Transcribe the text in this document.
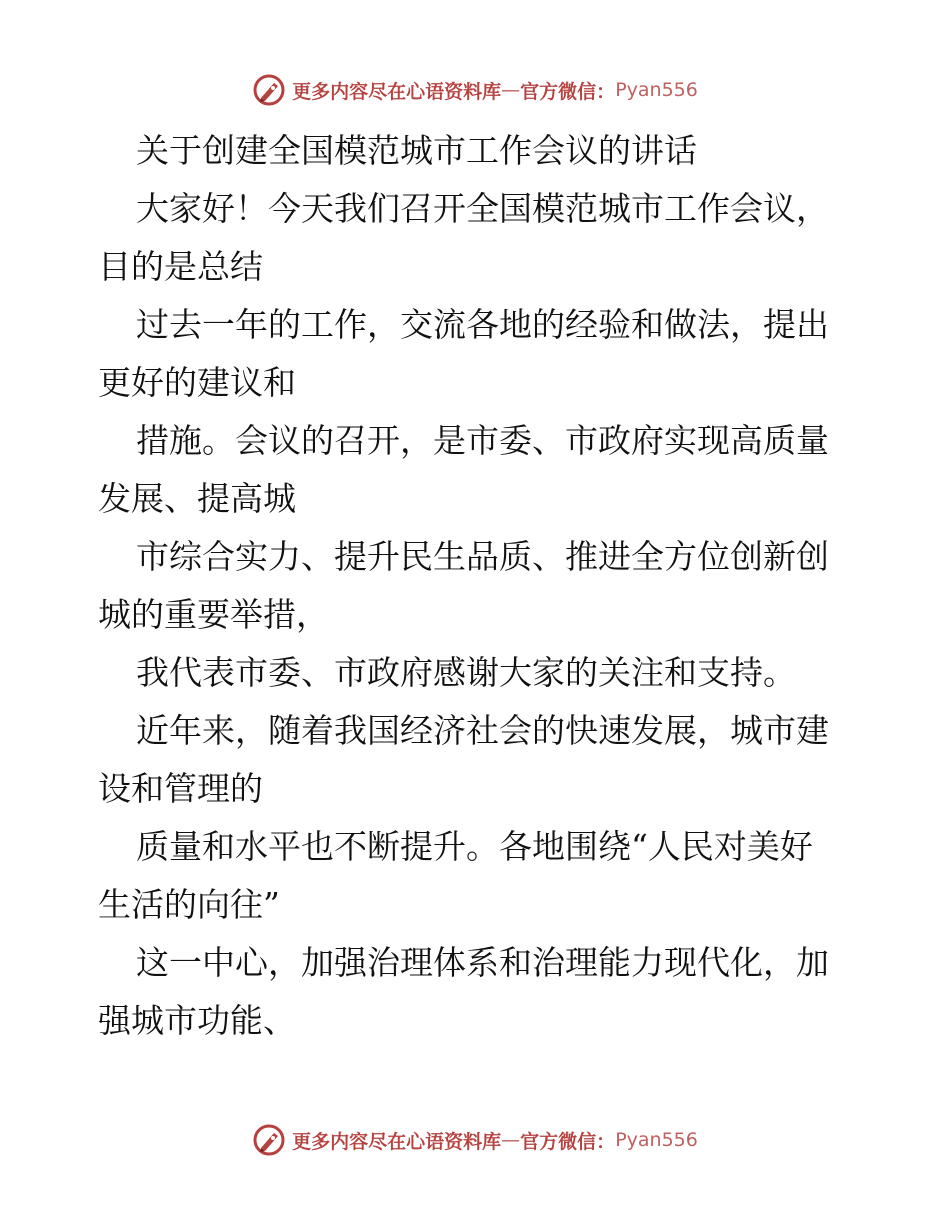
更多内容尽在心语资料库 — 官方微信： Pyan556
关于创建全国模范城市工作会议的讲话
大家好！今天我们召开全国模范城市工作会议，
目的是总结
过去一年的工作，交流各地的经验和做法，提出
更好的建议和
措施。会议的召开，是市委、市政府实现高质量
发展、提高城
市综合实力、提升民生品质、推进全方位创新创
城的重要举措，
我代表市委、市政府感谢大家的关注和支持。
近年来，随着我国经济社会的快速发展，城市建
设和管理的
质量和水平也不断提升。各地围绕“人民对美好
生活的向往”
这一中心，加强治理体系和治理能力现代化，加
强城市功能、
更多内容尽在心语资料库 — 官方微信： Pyan556
